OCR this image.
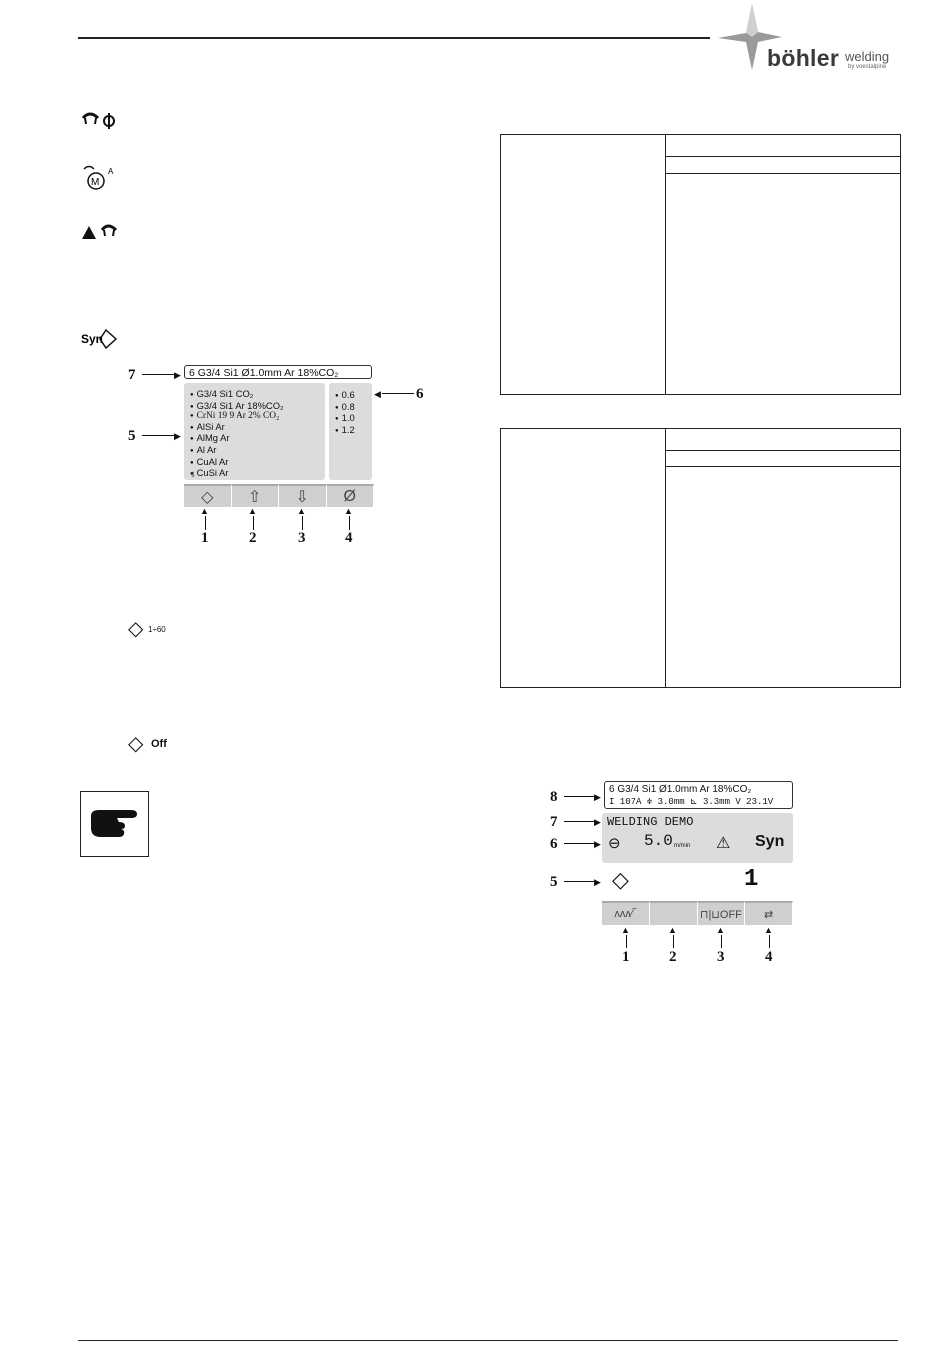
böhler welding
by voestalpine
M
A
Syn
7	▶ 6 G3/4 Si1 Ø1.0mm Ar 18%CO₂
● G3/4 Si1 CO₂
● G3/4 Si1 Ar 18%CO₂
● CrNi 19 9 Ar 2% CO₂
● AlSi Ar
● AlMg Ar
● Al Ar
● CuAl Ar
● CuSi Ar
⇩
● 0.6
● 0.8
● 1.0
● 1.2
5	▶
◀ 6
◇	⇧	⇩	Ø
▲	▲	▲	▲
1	2	3	4
◇ 1÷60
◇ Off
8
7
6
5
▶
▶
▶
▶
6 G3/4 Si1 Ø1.0mm Ar 18%CO₂
I 107A ≑ 3.0mm ⊾ 3.3mm V 23.1V
WELDING DEMO
⊖ 5.0 m/min ⚠ Syn
◇	1
ʌʌʌ∕‾	⊓|⊔OFF	⇄
▲	▲	▲	▲
1	2	3	4
